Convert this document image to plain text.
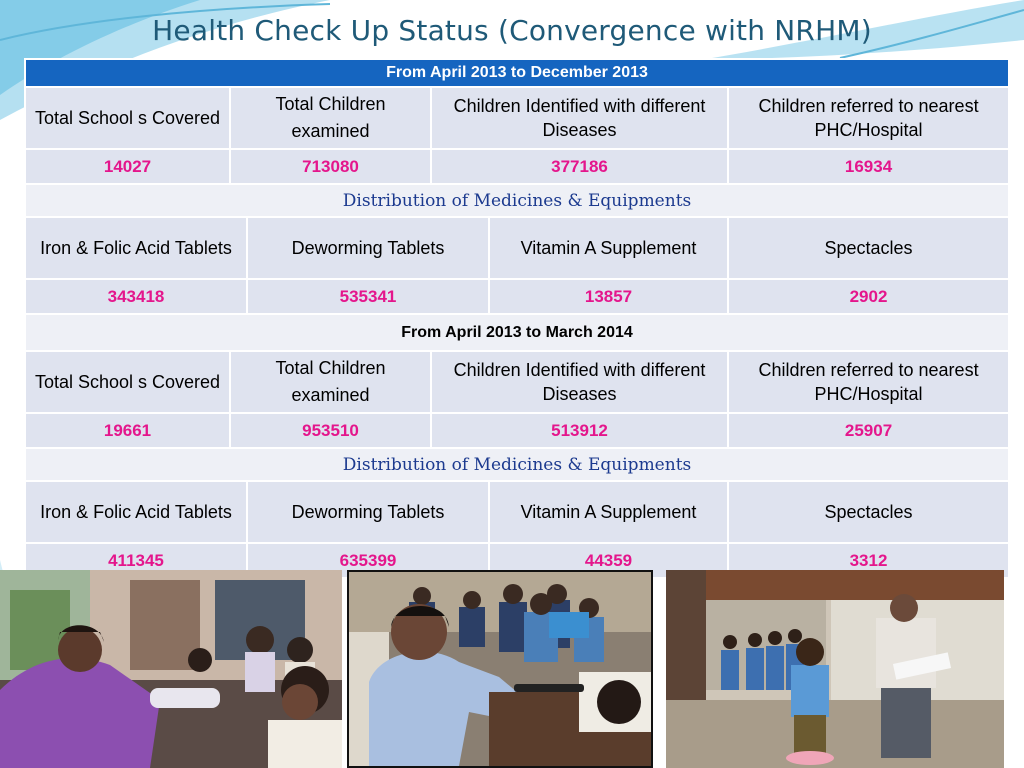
Health Check Up Status (Convergence with NRHM)
From April 2013 to December 2013					
Total School s Covered	Total Children examined		Children Identified with different Diseases		Children referred to nearest PHC/Hospital
14027	713080		377186		16934
Distribution of Medicines & Equipments					
Iron & Folic Acid Tablets		Deworming Tablets		Vitamin A Supplement	Spectacles
343418		535341		13857	2902
From April 2013 to March 2014					
Total School s Covered	Total Children examined		Children Identified with different Diseases		Children referred to nearest PHC/Hospital
19661	953510		513912		25907
Distribution of Medicines & Equipments					
Iron & Folic Acid Tablets		Deworming Tablets		Vitamin A Supplement	Spectacles
411345		635399		44359	3312
